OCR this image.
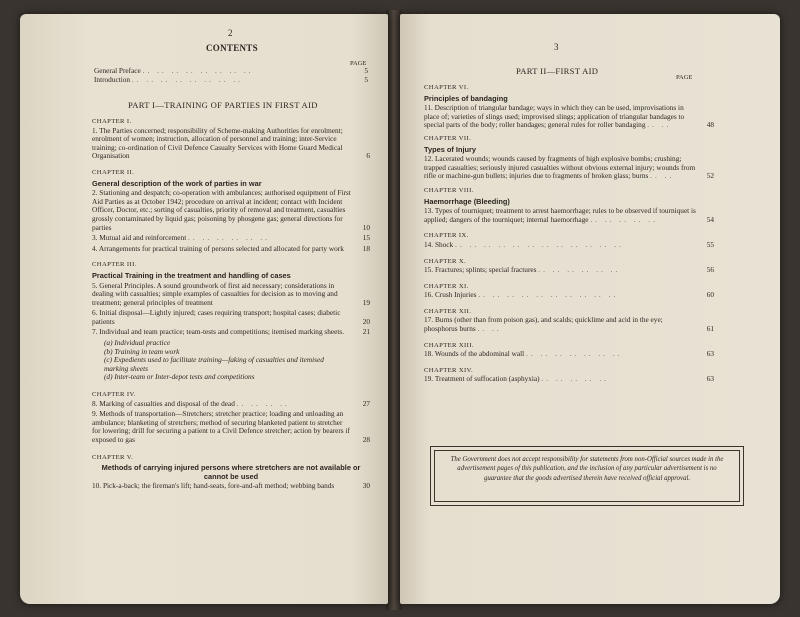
2
CONTENTS
PAGE
General Preface .. .. .. .. .. .. .. ..	5
Introduction .. .. .. .. .. .. .. ..	5
PART I—TRAINING OF PARTIES IN FIRST AID
CHAPTER I.
1. The Parties concerned; responsibility of Scheme-making Authorities for enrolment; enrolment of women; instruction, allocation of personnel and training; inter-Service training; co-ordination of Civil Defence Casualty Services with Home Guard Medical Organisation	6
CHAPTER II.
General description of the work of parties in war
2. Stationing and despatch; co-operation with ambulances; authorised equipment of First Aid Parties as at October 1942; procedure on arrival at incident; contact with Incident Officer, Doctor, etc.; sorting of casualties, priority of removal and treatment, casualties grossly contaminated by liquid gas; poisoning by phosgene gas; general directions for parties	10
3. Mutual aid and reinforcement .. .. .. .. .. ..	15
4. Arrangements for practical training of persons selected and allocated for party work	18
CHAPTER III.
Practical Training in the treatment and handling of cases
5. General Principles. A sound groundwork of first aid necessary; considerations in dealing with casualties; simple examples of casualties for decision as to moving and treatment; general principles of treatment	19
6. Initial disposal—Lightly injured; cases requiring transport; hospital cases; diabetic patients	20
7. Individual and team practice; team-tests and competitions; itemised marking sheets.	21
(a) Individual practice
(b) Training in team work
(c) Expedients used to facilitate training—faking of casualties and itemised marking sheets
(d) Inter-team or Inter-depot tests and competitions
CHAPTER IV.
8. Marking of casualties and disposal of the dead .. .. .. ..	27
9. Methods of transportation—Stretchers; stretcher practice; loading and unloading an ambulance; blanketing of stretchers; method of securing blanketed patient to stretcher for lowering; drill for securing a patient to a Civil Defence stretcher; action by bearers if exposed to gas	28
CHAPTER V.
Methods of carrying injured persons where stretchers are not available or cannot be used
10. Pick-a-back; the fireman's lift; hand-seats, fore-and-aft method; webbing bands	30
3
PART II—FIRST AID
PAGE
CHAPTER VI.
Principles of bandaging
11. Description of triangular bandage; ways in which they can be used, improvisations in place of; varieties of slings used; improvised slings; application of triangular bandages to special parts of the body; roller bandages; general rules for roller bandaging .. ..	48
CHAPTER VII.
Types of Injury
12. Lacerated wounds; wounds caused by fragments of high explosive bombs; crushing; trapped casualties; seriously injured casualties without obvious external injury; wounds from rifle or machine-gun bullets; injuries due to fragments of broken glass; burns .. ..	52
CHAPTER VIII.
Haemorrhage (Bleeding)
13. Types of tourniquet; treatment to arrest haemorrhage; rules to be observed if tourniquet is applied; dangers of the tourniquet; internal haemorrhage .. .. .. .. ..	54
CHAPTER IX.
14. Shock .. .. .. .. .. .. .. .. .. .. .. ..	55
CHAPTER X.
15. Fractures; splints; special fractures .. .. .. .. .. ..	56
CHAPTER XI.
16. Crush Injuries .. .. .. .. .. .. .. .. .. ..	60
CHAPTER XII.
17. Burns (other than from poison gas), and scalds; quicklime and acid in the eye; phosphorus burns .. ..	61
CHAPTER XIII.
18. Wounds of the abdominal wall .. .. .. .. .. .. ..	63
CHAPTER XIV.
19. Treatment of suffocation (asphyxia) .. .. .. .. ..	63
The Government does not accept responsibility for statements from non-Official sources made in the advertisement pages of this publication, and the inclusion of any particular advertisement is no guarantee that the goods advertised therein have received official approval.
